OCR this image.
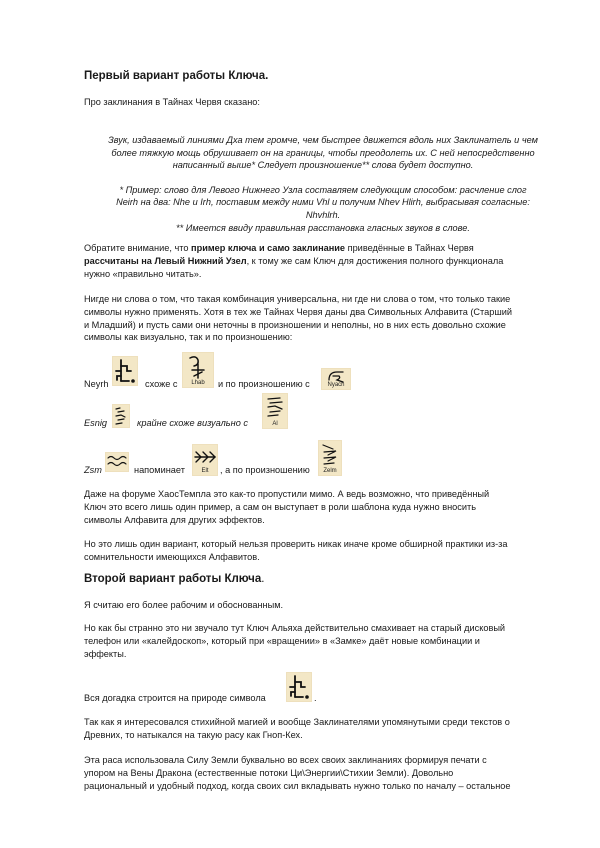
Первый вариант работы Ключа.

Про заклинания в Тайнах Червя сказано:

Звук, издаваемый линиями Дха тем громче, чем быстрее движется вдоль них Заклинатель и чем
более тяжкую мощь обрушивает он на границы, чтобы преодолеть их. С ней непосредственно
написанный выше* Следует произношение** слова будет доступно.
* Пример: слово для Левого Нижнего Узла составляем следующим способом: расчление слог
Neirh на два: Nhe и Irh, поставим между ними Vhl и получим Nhev Hlirh, выбрасывая согласные:
Nhvhlrh.
** Имеется ввиду правильная расстановка гласных звуков в слове.
Обратите внимание, что пример ключа и само заклинание приведённые в Тайнах Червя
рассчитаны на Левый Нижний Узел, к тому же сам Ключ для достижения полного функционала
нужно «правильно читать».
Нигде ни слова о том, что такая комбинация универсальна, ни где ни слова о том, что только такие
символы нужно применять. Хотя в тех же Тайнах Червя даны два Символьных Алфавита (Старший
и Младший) и пусть сами они неточны в произношении и неполны, но в них есть довольно схожие
символы как визуально, так и по произношению:
Neyrh	схоже с	Lhab	и по произношению с	Nyach
Esnig	крайне схоже визуально с	Al
Zsm	напоминает	Elt	, а по произношению	Zelm
Даже на форуме ХаосТемпла это как-то пропустили мимо. А ведь возможно, что приведённый
Ключ это всего лишь один пример, а сам он выступает в роли шаблона куда нужно вносить
символы Алфавита для других эффектов.
Но это лишь один вариант, который нельзя проверить никак иначе кроме обширной практики из-за
сомнительности имеющихся Алфавитов.
Второй вариант работы Ключа.

Я считаю его более рабочим и обоснованным.

Но как бы странно это ни звучало тут Ключ Альяха действительно смахивает на старый дисковый
телефон или «калейдоскоп», который при «вращении» в «Замке» даёт новые комбинации и
эффекты.
Вся догадка строится на природе символа	.
Так как я интересовался стихийной магией и вообще Заклинателями упомянутыми среди текстов о
Древних, то натыкался на такую расу как Гноп-Кех.
Эта раса использовала Силу Земли буквально во всех своих заклинаниях формируя печати с
упором на Вены Дракона (естественные потоки Ци\Энергии\Стихии Земли). Довольно
рациональный и удобный подход, когда своих сил вкладывать нужно только по началу – остальное
